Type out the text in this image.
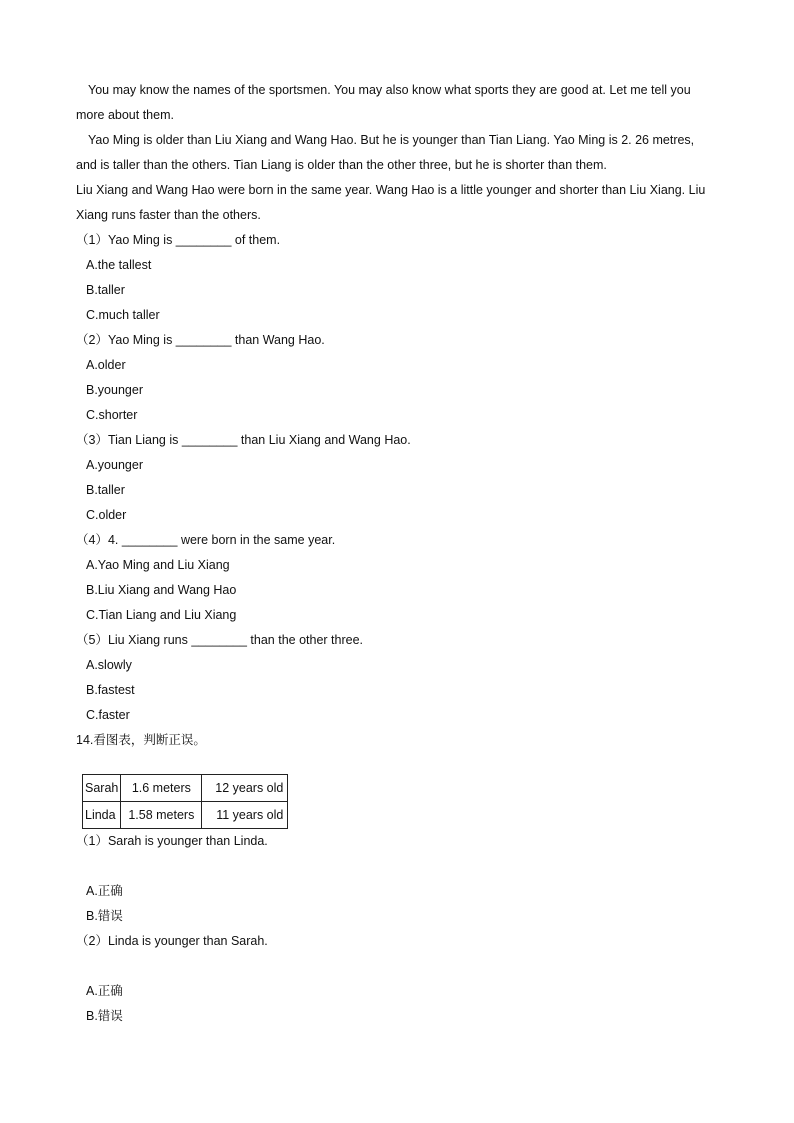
You may know the names of the sportsmen. You may also know what sports they are good at. Let me tell you
more about them.
Yao Ming is older than Liu Xiang and Wang Hao. But he is younger than Tian Liang. Yao Ming is 2. 26 metres,
and is taller than the others. Tian Liang is older than the other three, but he is shorter than them.
Liu Xiang and Wang Hao were born in the same year. Wang Hao is a little younger and shorter than Liu Xiang. Liu
Xiang runs faster than the others.
（1）Yao Ming is ________ of them.
A.the tallest
B.taller
C.much taller
（2）Yao Ming is ________ than Wang Hao.
A.older
B.younger
C.shorter
（3）Tian Liang is ________ than Liu Xiang and Wang Hao.
A.younger
B.taller
C.older
（4）4. ________ were born in the same year.
A.Yao Ming and Liu Xiang
B.Liu Xiang and Wang Hao
C.Tian Liang and Liu Xiang
（5）Liu Xiang runs ________ than the other three.
A.slowly
B.fastest
C.faster
14.看图表，判断正误。
Sarah	1.6 meters	12 years old
Linda	1.58 meters	11 years old
（1）Sarah is younger than Linda.
A.正确
B.错误
（2）Linda is younger than Sarah.
A.正确
B.错误
